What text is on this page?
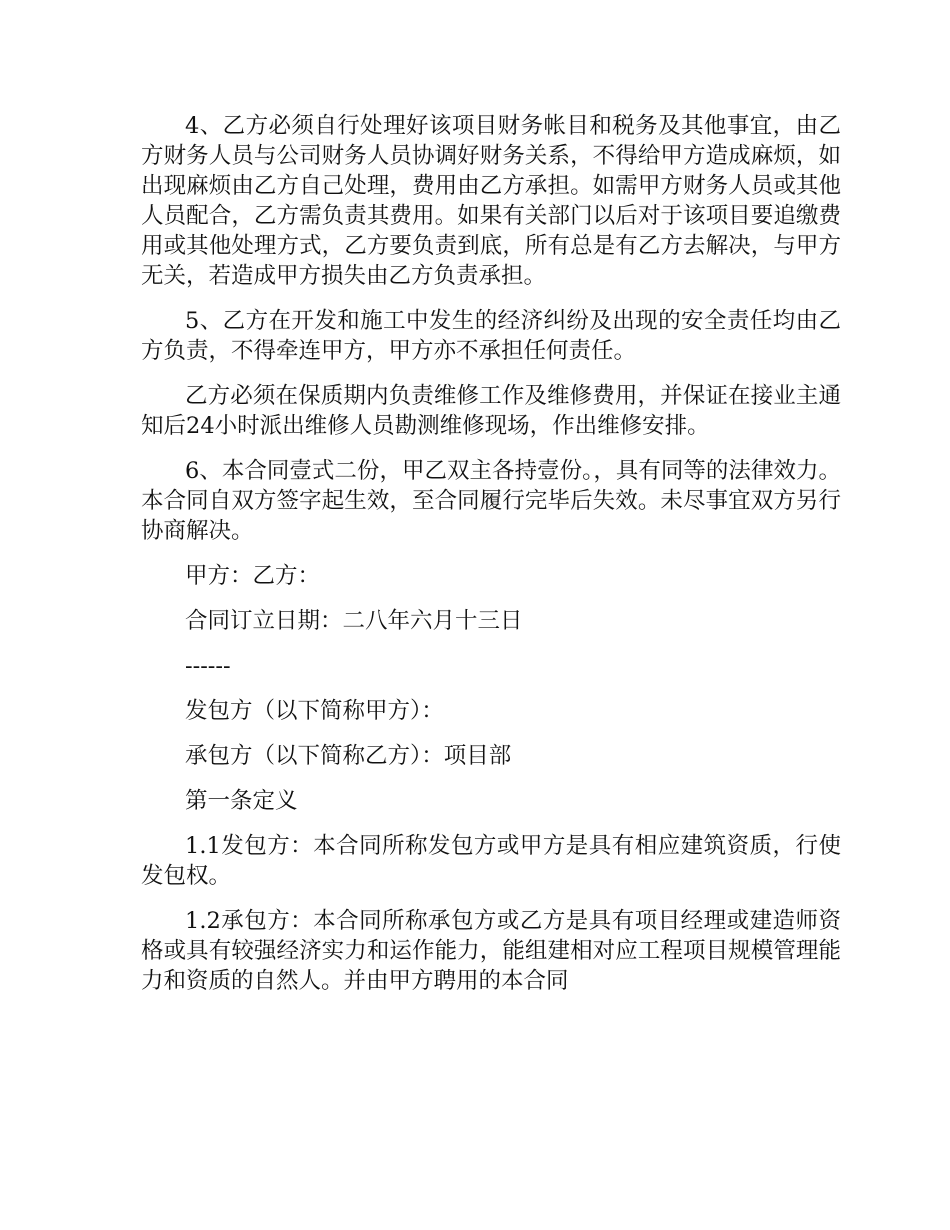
4、乙方必须自行处理好该项目财务帐目和税务及其他事宜，由乙方财务人员与公司财务人员协调好财务关系，不得给甲方造成麻烦，如出现麻烦由乙方自己处理，费用由乙方承担。如需甲方财务人员或其他人员配合，乙方需负责其费用。如果有关部门以后对于该项目要追缴费用或其他处理方式，乙方要负责到底，所有总是有乙方去解决，与甲方无关，若造成甲方损失由乙方负责承担。

5、乙方在开发和施工中发生的经济纠纷及出现的安全责任均由乙方负责，不得牵连甲方，甲方亦不承担任何责任。

乙方必须在保质期内负责维修工作及维修费用，并保证在接业主通知后24小时派出维修人员勘测维修现场，作出维修安排。

6、本合同壹式二份，甲乙双主各持壹份。，具有同等的法律效力。本合同自双方签字起生效，至合同履行完毕后失效。未尽事宜双方另行协商解决。

甲方：乙方：

合同订立日期：二八年六月十三日

------

发包方（以下简称甲方）：

承包方（以下简称乙方）：项目部

第一条定义

1.1发包方：本合同所称发包方或甲方是具有相应建筑资质，行使发包权。

1.2承包方：本合同所称承包方或乙方是具有项目经理或建造师资格或具有较强经济实力和运作能力，能组建相对应工程项目规模管理能力和资质的自然人。并由甲方聘用的本合同
